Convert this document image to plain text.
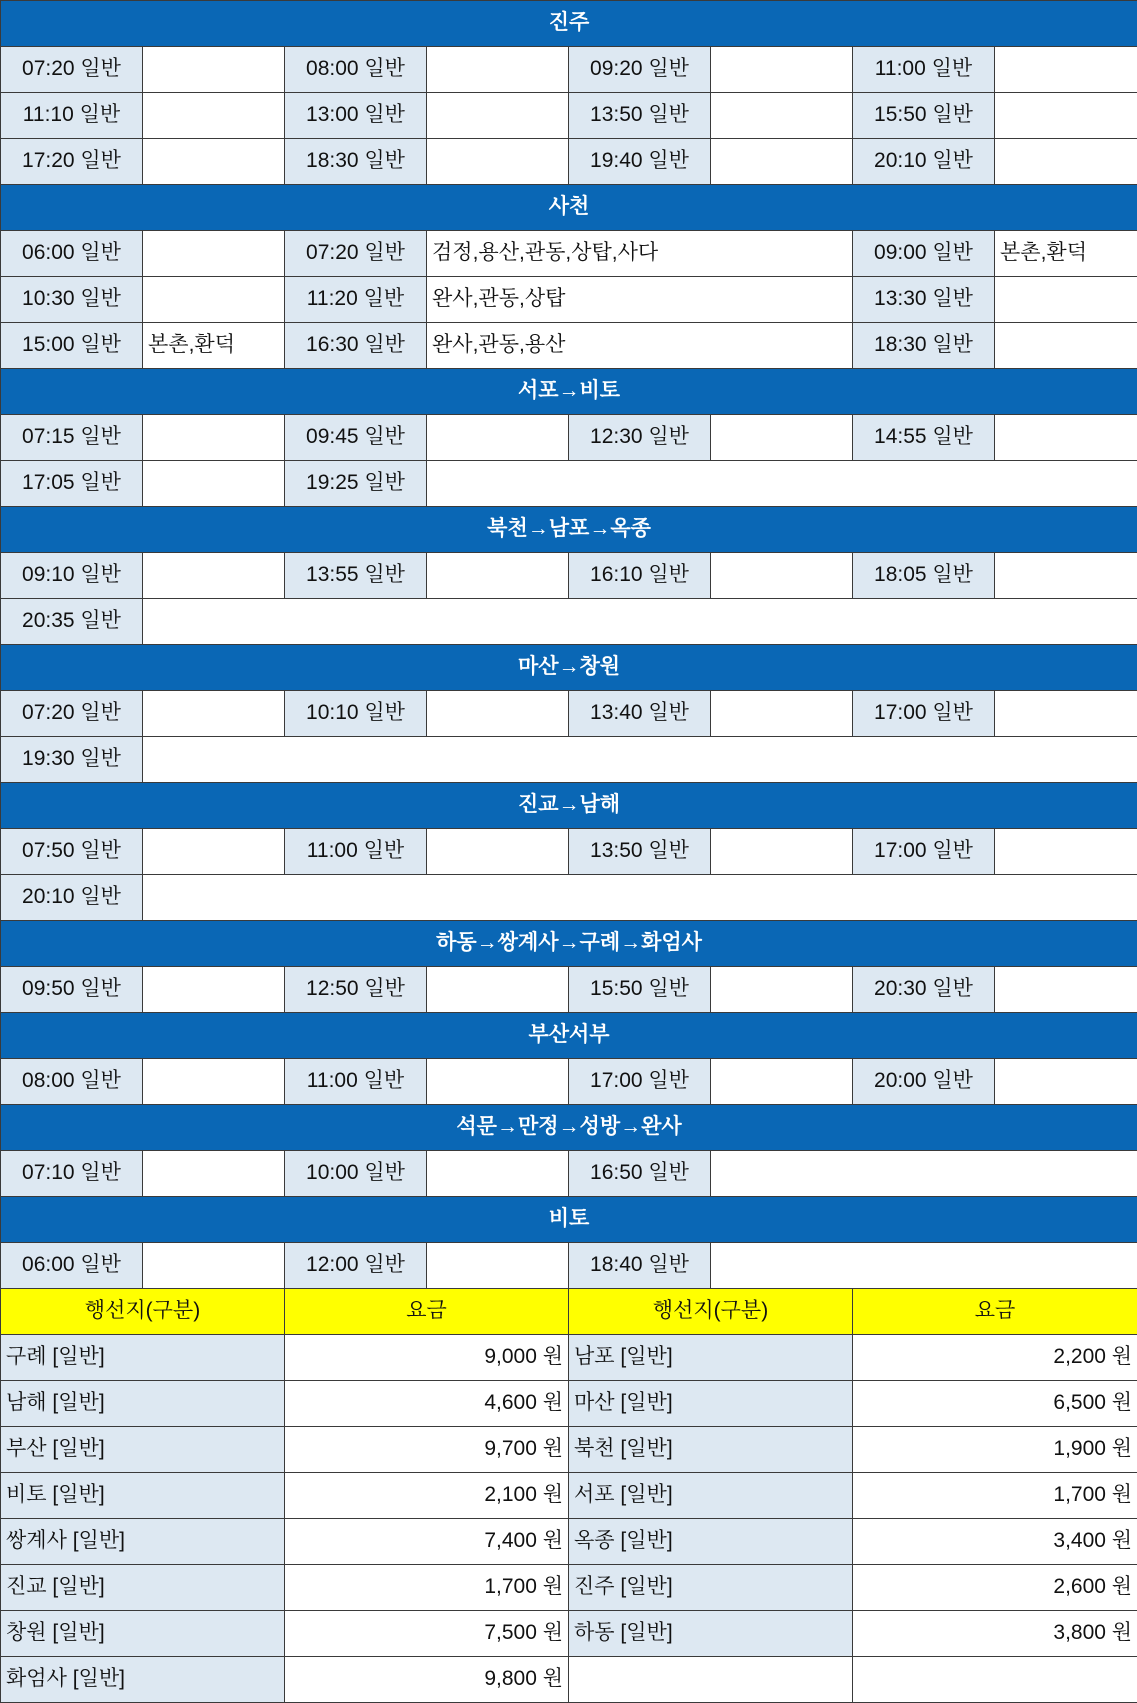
진주							
07:20 일반		08:00 일반		09:20 일반		11:00 일반	
11:10 일반		13:00 일반		13:50 일반		15:50 일반	
17:20 일반		18:30 일반		19:40 일반		20:10 일반	
사천							
06:00 일반		07:20 일반	검정,용산,관동,상탑,사다			09:00 일반	본촌,환덕
10:30 일반		11:20 일반	완사,관동,상탑			13:30 일반	
15:00 일반	본촌,환덕	16:30 일반	완사,관동,용산			18:30 일반	
서포→비토							
07:15 일반		09:45 일반		12:30 일반		14:55 일반	
17:05 일반		19:25 일반					
북천→남포→옥종							
09:10 일반		13:55 일반		16:10 일반		18:05 일반	
20:35 일반							
마산→창원							
07:20 일반		10:10 일반		13:40 일반		17:00 일반	
19:30 일반							
진교→남해							
07:50 일반		11:00 일반		13:50 일반		17:00 일반	
20:10 일반							
하동→쌍계사→구례→화엄사							
09:50 일반		12:50 일반		15:50 일반		20:30 일반	
부산서부							
08:00 일반		11:00 일반		17:00 일반		20:00 일반	
석문→만정→성방→완사							
07:10 일반		10:00 일반		16:50 일반			
비토							
06:00 일반		12:00 일반		18:40 일반			
행선지(구분)		요금		행선지(구분)		요금	
구례 [일반]		9,000 원		남포 [일반]		2,200 원	
남해 [일반]		4,600 원		마산 [일반]		6,500 원	
부산 [일반]		9,700 원		북천 [일반]		1,900 원	
비토 [일반]		2,100 원		서포 [일반]		1,700 원	
쌍계사 [일반]		7,400 원		옥종 [일반]		3,400 원	
진교 [일반]		1,700 원		진주 [일반]		2,600 원	
창원 [일반]		7,500 원		하동 [일반]		3,800 원	
화엄사 [일반]		9,800 원					
